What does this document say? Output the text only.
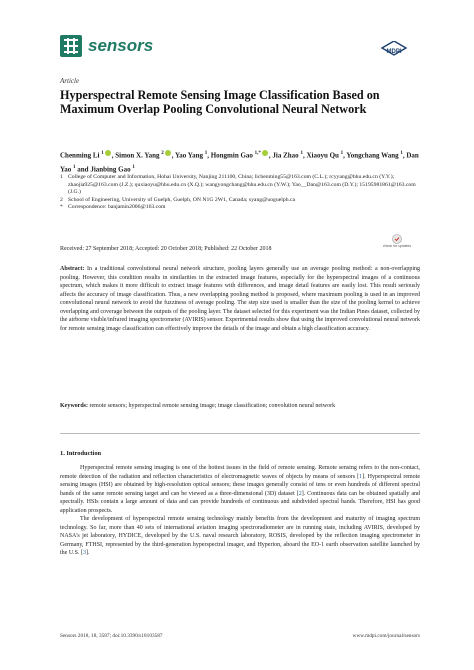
sensors	MDPI
Article
Hyperspectral Remote Sensing Image Classification Based on Maximum Overlap Pooling Convolutional Neural Network
Chenming Li $^1$ , Simon X. Yang $^2$ , Yao Yang $^1$, Hongmin Gao $^{1,*}$ , Jia Zhao $^1$, Xiaoyu Qu $^1$, Yongchang Wang $^1$, Dan Yao $^1$ and Jianbing Gao $^1$
1 College of Computer and Information, Hohai University, Nanjing 211100, China; lichenming55@163.com (C.L.); rcyyang@hhu.edu.cn (Y.Y.); zhaojia925@163.com (J.Z.); quxiaoyu@hhu.edu.cn (X.Q.); wangyongchang@hhu.edu.cn (Y.W.); Yao__Dan@163.com (D.Y.); 15195981861@163.com (J.G.)
2 School of Engineering, University of Guelph, Guelph, ON N1G 2W1, Canada; syang@uoguelph.ca
* Correspondence: banjamin2006@163.com
Received: 27 September 2018; Accepted: 20 October 2018; Published: 22 October 2018	check for updates
Abstract: In a traditional convolutional neural network structure, pooling layers generally use an average pooling method: a non-overlapping pooling. However, this condition results in similarities in the extracted image features, especially for the hyperspectral images of a continuous spectrum, which makes it more difficult to extract image features with differences, and image detail features are easily lost. This result seriously affects the accuracy of image classification. Thus, a new overlapping pooling method is proposed, where maximum pooling is used in an improved convolutional neural network to avoid the fuzziness of average pooling. The step size used is smaller than the size of the pooling kernel to achieve overlapping and coverage between the outputs of the pooling layer. The dataset selected for this experiment was the Indian Pines dataset, collected by the airborne visible/infrared imaging spectrometer (AVIRIS) sensor. Experimental results show that using the improved convolutional neural network for remote sensing image classification can effectively improve the details of the image and obtain a high classification accuracy.
Keywords: remote sensors; hyperspectral remote sensing image; image classification; convolution neural network
1. Introduction

Hyperspectral remote sensing imaging is one of the hottest issues in the field of remote sensing. Remote sensing refers to the non-contact, remote detection of the radiation and reflection characteristics of electromagnetic waves of objects by means of sensors [1]. Hyperspectral remote sensing images (HSI) are obtained by high-resolution optical sensors; these images generally consist of tens or even hundreds of different spectral bands of the same remote sensing target and can be viewed as a three-dimensional (3D) dataset [2]. Continuous data can be obtained spatially and spectrally. HSIs contain a large amount of data and can provide hundreds of continuous and subdivided spectral bands. Therefore, HSI has good application prospects.

The development of hyperspectral remote sensing technology mainly benefits from the development and maturity of imaging spectrum technology. So far, more than 40 sets of international aviation imaging spectroradiometer are in running state, including AVIRIS, developed by NASA's jet laboratory, HYDICE, developed by the U.S. naval research laboratory, ROSIS, developed by the reflection imaging spectrometer in Germany, FTHSI, represented by the third-generation hyperspectral imager, and Hyperion, aboard the EO-1 earth observation satellite launched by the U.S. [3].

Sensors 2018, 18, 3587; doi:10.3390/s18103587	www.mdpi.com/journal/sensors
